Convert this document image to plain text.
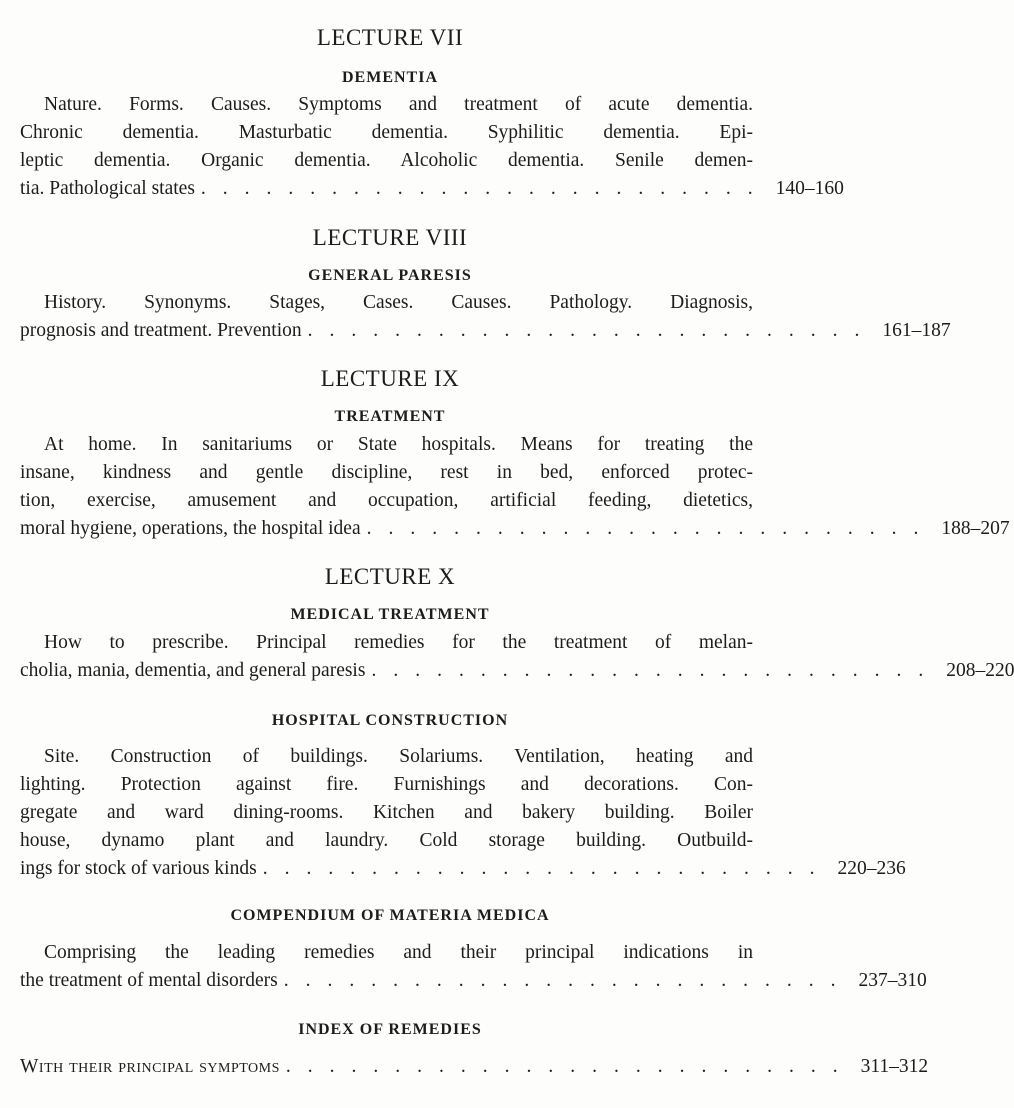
LECTURE VII
DEMENTIA
Nature. Forms. Causes. Symptoms and treatment of acute dementia.
Chronic dementia. Masturbatic dementia. Syphilitic dementia. Epi-
leptic dementia. Organic dementia. Alcoholic dementia. Senile demen-
tia. Pathological states .......................... 140–160
LECTURE VIII
GENERAL PARESIS
History. Synonyms. Stages, Cases. Causes. Pathology. Diagnosis,
prognosis and treatment. Prevention .......................... 161–187
LECTURE IX
TREATMENT
At home. In sanitariums or State hospitals. Means for treating the
insane, kindness and gentle discipline, rest in bed, enforced protec-
tion, exercise, amusement and occupation, artificial feeding, dietetics,
moral hygiene, operations, the hospital idea .......................... 188–207
LECTURE X
MEDICAL TREATMENT
How to prescribe. Principal remedies for the treatment of melan-
cholia, mania, dementia, and general paresis .......................... 208–220
HOSPITAL CONSTRUCTION
Site. Construction of buildings. Solariums. Ventilation, heating and
lighting. Protection against fire. Furnishings and decorations. Con-
gregate and ward dining-rooms. Kitchen and bakery building. Boiler
house, dynamo plant and laundry. Cold storage building. Outbuild-
ings for stock of various kinds .......................... 220–236
COMPENDIUM OF MATERIA MEDICA
Comprising the leading remedies and their principal indications in
the treatment of mental disorders .......................... 237–310
INDEX OF REMEDIES
With their principal symptoms .......................... 311–312
